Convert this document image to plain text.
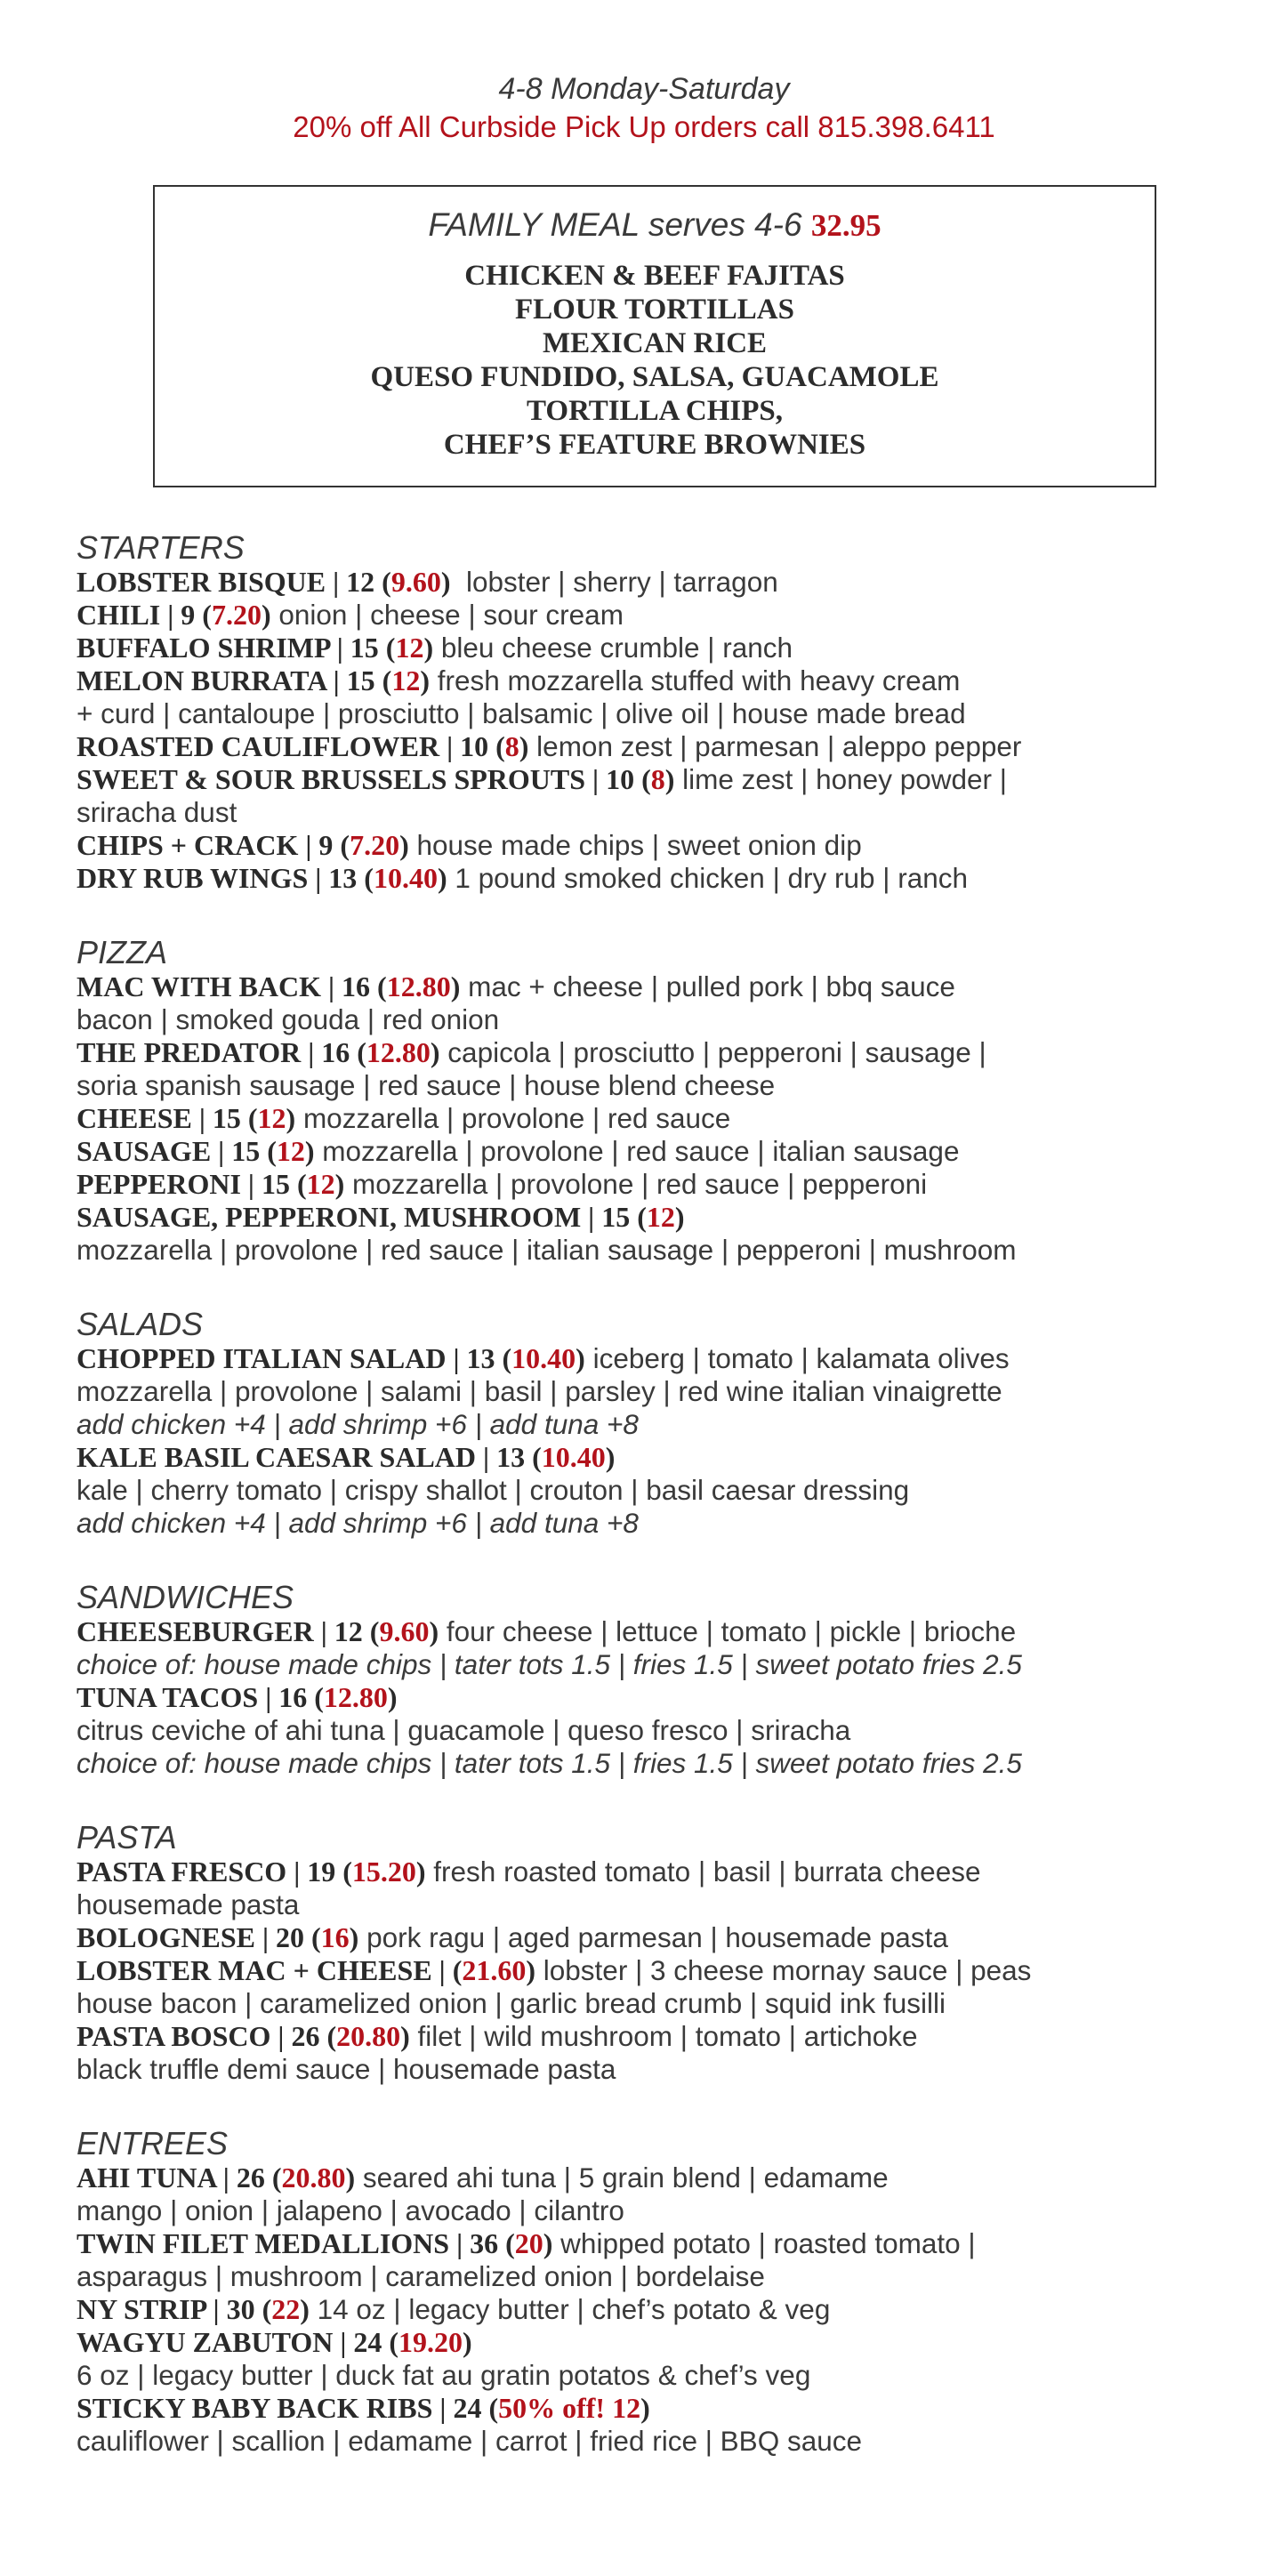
4-8 Monday-Saturday
20% off All Curbside Pick Up orders call 815.398.6411
FAMILY MEAL serves 4-6 32.95
CHICKEN & BEEF FAJITAS
FLOUR TORTILLAS
MEXICAN RICE
QUESO FUNDIDO, SALSA, GUACAMOLE
TORTILLA CHIPS,
CHEF’S FEATURE BROWNIES
STARTERS
LOBSTER BISQUE | 12 (9.60)  lobster | sherry | tarragon
CHILI | 9 (7.20) onion | cheese | sour cream
BUFFALO SHRIMP | 15 (12) bleu cheese crumble | ranch
MELON BURRATA | 15 (12) fresh mozzarella stuffed with heavy cream
+ curd | cantaloupe | prosciutto | balsamic | olive oil | house made bread
ROASTED CAULIFLOWER | 10 (8) lemon zest | parmesan | aleppo pepper
SWEET & SOUR BRUSSELS SPROUTS | 10 (8) lime zest | honey powder |
sriracha dust
CHIPS + CRACK | 9 (7.20) house made chips | sweet onion dip
DRY RUB WINGS | 13 (10.40) 1 pound smoked chicken | dry rub | ranch
PIZZA
MAC WITH BACK | 16 (12.80) mac + cheese | pulled pork | bbq sauce
bacon | smoked gouda | red onion
THE PREDATOR | 16 (12.80) capicola | prosciutto | pepperoni | sausage |
soria spanish sausage | red sauce | house blend cheese
CHEESE | 15 (12) mozzarella | provolone | red sauce
SAUSAGE | 15 (12) mozzarella | provolone | red sauce | italian sausage
PEPPERONI | 15 (12) mozzarella | provolone | red sauce | pepperoni
SAUSAGE, PEPPERONI, MUSHROOM | 15 (12)
mozzarella | provolone | red sauce | italian sausage | pepperoni | mushroom
SALADS
CHOPPED ITALIAN SALAD | 13 (10.40) iceberg | tomato | kalamata olives
mozzarella | provolone | salami | basil | parsley | red wine italian vinaigrette
add chicken +4 | add shrimp +6 | add tuna +8
KALE BASIL CAESAR SALAD | 13 (10.40)
kale | cherry tomato | crispy shallot | crouton | basil caesar dressing
add chicken +4 | add shrimp +6 | add tuna +8
SANDWICHES
CHEESEBURGER | 12 (9.60) four cheese | lettuce | tomato | pickle | brioche
choice of: house made chips | tater tots 1.5 | fries 1.5 | sweet potato fries 2.5
TUNA TACOS | 16 (12.80)
citrus ceviche of ahi tuna | guacamole | queso fresco | sriracha
choice of: house made chips | tater tots 1.5 | fries 1.5 | sweet potato fries 2.5
PASTA
PASTA FRESCO | 19 (15.20) fresh roasted tomato | basil | burrata cheese
housemade pasta
BOLOGNESE | 20 (16) pork ragu | aged parmesan | housemade pasta
LOBSTER MAC + CHEESE | (21.60) lobster | 3 cheese mornay sauce | peas
house bacon | caramelized onion | garlic bread crumb | squid ink fusilli
PASTA BOSCO | 26 (20.80) filet | wild mushroom | tomato | artichoke
black truffle demi sauce | housemade pasta
ENTREES
AHI TUNA | 26 (20.80) seared ahi tuna | 5 grain blend | edamame
mango | onion | jalapeno | avocado | cilantro
TWIN FILET MEDALLIONS | 36 (20) whipped potato | roasted tomato |
asparagus | mushroom | caramelized onion | bordelaise
NY STRIP | 30 (22) 14 oz | legacy butter | chef’s potato & veg
WAGYU ZABUTON | 24 (19.20)
6 oz | legacy butter | duck fat au gratin potatos & chef’s veg
STICKY BABY BACK RIBS | 24 (50% off! 12)
cauliflower | scallion | edamame | carrot | fried rice | BBQ sauce
